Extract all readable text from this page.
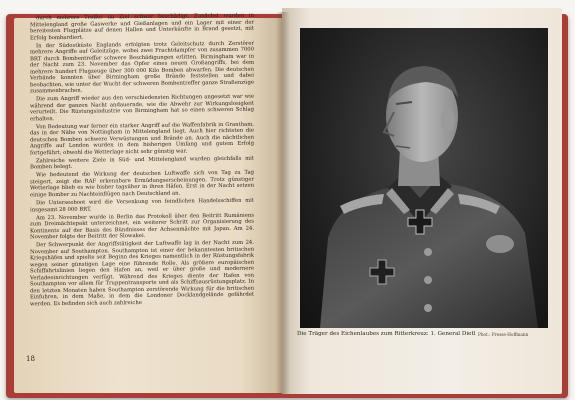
durch mehrere Treffer im Ziel schwer beschädigt. Zunächst wurden in Mittelengland große Gaswerke und Gießanlagen und ein Lager mit einer der bereitesten Flugplätze auf denen Hallen und Unterkünfte in Brand gesetzt, mit Erfolg bombardiert.

In der Südostküste Englands erfolgten trotz Geleitschutz durch Zerstörer mehrere Angriffe auf Geleitzüge, wobei zwei Frachtdampfer von zusammen 7000 BRT durch Bombentreffer schwere Beschädigungen erlitten. Birmingham war in der Nacht zum 23. November das Opfer eines neuen Großangriffs, bei dem mehrere hundert Flugzeuge über 300 000 Kilo Bomben abwarfen. Die deutschen Verbände konnten über Birmingham große Brände feststellen und dabei beobachten, wie unter der Wucht der schweren Bombentreffer ganze Straßenzüge zusammenbrachen.

Die zum Angriff wieder aus den verschiedensten Richtungen angesetzt war wie während der ganzen Nacht andauernde, wie die Abwehr zur Wirkungslosigkeit verurteilt. Die Rüstungsindustrie von Birmingham hat so einen schweren Schlag erhalten.

Von Bedeutung war ferner ein starker Angriff auf die Waffenfabrik in Grantham, das in der Nähe von Nottingham in Mittelengland liegt. Auch hier richteten die deutschen Bomben schwere Verwüstungen und Brände an. Auch die nächtlichen Angriffe auf London wurden in dem bisherigen Umfang und gutem Erfolg fortgeführt, obwohl die Wetterlage nicht sehr günstig war.

Zahlreiche weitere Ziele in Süd- und Mittelengland wurden gleichfalls mit Bomben belegt.

Wie bedeutend die Wirkung der deutschen Luftwaffe sich von Tag zu Tag steigert, zeigt die RAF erkennbare Ermüdungserscheinungen. Trotz günstiger Wetterlage blieb es wie bisher tagsüber in ihren Häfen. Erst in der Nacht setzen einige Bomber zu Nachteinflügen nach Deutschland an.

Die Unterseeboot wird die Versenkung von feindlichen Handelsschiffen mit insgesamt 28 000 BRT.

Am 23. November wurde in Berlin das Protokoll über den Beitritt Rumäniens zum Dreimächtepakt unterzeichnet, ein weiterer Schritt zur Organisierung des Kontinents auf der Basis des Bündnisses der Achsenmächte mit Japan. Am 24. November folgte der Beitritt der Slowakei.

Der Schwerpunkt der Angriffstätigkeit der Luftwaffe lag in der Nacht zum 24. November auf Southampton. Southampton ist einer der bekanntesten britischen Kriegshäfen und spielte seit Beginn des Krieges namentlich in der Rüstungsfabrik wegen seiner günstigen Lage eine führende Rolle. Als größere europäischen Schiffahrtslinien liegen den Hafen an, weil er über große und modernere Verladeeinrichtungen verfügt. Während des Krieges diente der Hafen von Southampton vor allem für Truppentransporte und als Schiffsausrüstungsplatz. In den letzten Monaten haben Southampton zerstörende Wirkung für die britischen Einfuhren, in dem Maße, in dem die Londoner Docklandgelände gefährdet werden. Es befinden sich auch zahlreiche

18
Die Träger des Eichenlaubes zum Ritterkreuz: 1. General Dietl Phot.: Presse-Hoffmann
